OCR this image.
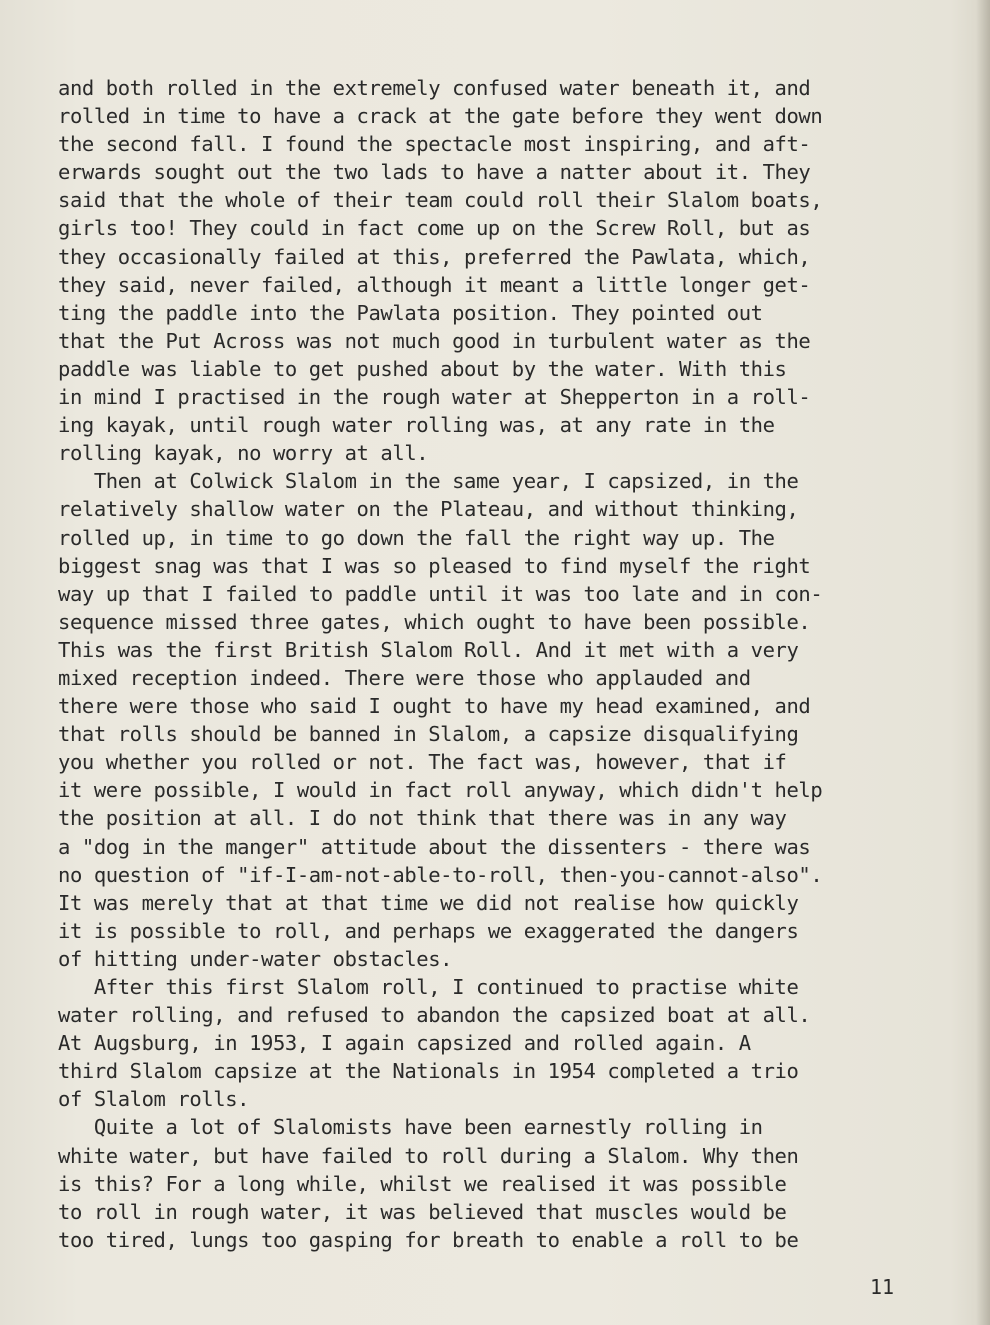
and both rolled in the extremely confused water beneath it, and
rolled in time to have a crack at the gate before they went down
the second fall. I found the spectacle most inspiring, and aft-
erwards sought out the two lads to have a natter about it. They
said that the whole of their team could roll their Slalom boats,
girls too! They could in fact come up on the Screw Roll, but as
they occasionally failed at this, preferred the Pawlata, which,
they said, never failed, although it meant a little longer get-
ting the paddle into the Pawlata position. They pointed out
that the Put Across was not much good in turbulent water as the
paddle was liable to get pushed about by the water. With this
in mind I practised in the rough water at Shepperton in a roll-
ing kayak, until rough water rolling was, at any rate in the
rolling kayak, no worry at all.
Then at Colwick Slalom in the same year, I capsized, in the
relatively shallow water on the Plateau, and without thinking,
rolled up, in time to go down the fall the right way up. The
biggest snag was that I was so pleased to find myself the right
way up that I failed to paddle until it was too late and in con-
sequence missed three gates, which ought to have been possible.
This was the first British Slalom Roll. And it met with a very
mixed reception indeed. There were those who applauded and
there were those who said I ought to have my head examined, and
that rolls should be banned in Slalom, a capsize disqualifying
you whether you rolled or not. The fact was, however, that if
it were possible, I would in fact roll anyway, which didn't help
the position at all. I do not think that there was in any way
a "dog in the manger" attitude about the dissenters - there was
no question of "if-I-am-not-able-to-roll, then-you-cannot-also".
It was merely that at that time we did not realise how quickly
it is possible to roll, and perhaps we exaggerated the dangers
of hitting under-water obstacles.
After this first Slalom roll, I continued to practise white
water rolling, and refused to abandon the capsized boat at all.
At Augsburg, in 1953, I again capsized and rolled again. A
third Slalom capsize at the Nationals in 1954 completed a trio
of Slalom rolls.
Quite a lot of Slalomists have been earnestly rolling in
white water, but have failed to roll during a Slalom. Why then
is this? For a long while, whilst we realised it was possible
to roll in rough water, it was believed that muscles would be
too tired, lungs too gasping for breath to enable a roll to be
11
